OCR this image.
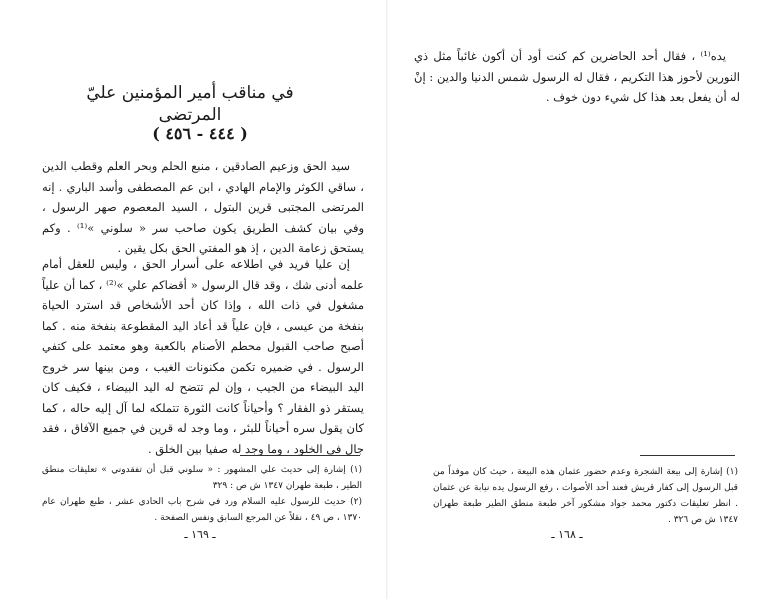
في مناقب أمير المؤمنين عليّ المرتضى
( ٤٤٤ - ٤٥٦ )

سيد الحق وزعيم الصادقين ، منبع الحلم وبحر العلم وقطب الدين ، ساقي الكوثر والإمام الهادي ، ابن عم المصطفى وأسد الباري . إنه المرتضى المجتبى قرين البتول ، السيد المعصوم صهر الرسول ، وفي بيان كشف الطريق يكون صاحب سر « سلوني »⁽¹⁾ . وكم يستحق زعامة الدين ، إذ هو المفتي الحق بكل يقين .

إن عليا فريد في اطلاعه على أسرار الحق ، وليس للعقل أمام علمه أدنى شك ، وقد قال الرسول « أقضاكم علي »⁽²⁾ ، كما أن علياً مشغول في ذات الله ، وإذا كان أحد الأشخاص قد استرد الحياة بنفخة من عيسى ، فإن علياً قد أعاد اليد المقطوعة بنفخة منه . كما أصبح صاحب القبول محطم الأصنام بالكعبة وهو معتمد على كتفي الرسول . في ضميره تكمن مكنونات الغيب ، ومن بينها سر خروج اليد البيضاء من الجيب ، وإن لم تتضح له اليد البيضاء ، فكيف كان يستقر ذو الفقار ؟ وأحياناً كانت الثورة تتملكه لما آل إليه حاله ، كما كان يقول سره أحياناً للبئر ، وما وجد له قرين في جميع الآفاق ، فقد جال في الخلود ، وما وجد له صفيا بين الخلق .

(١) إشارة إلى حديث علي المشهور : « سلوني قبل أن تفقدوني » تعليقات منطق الطير ، طبعة طهران ١٣٤٧ ش ص : ٣٢٩

(٢) حديث للرسول عليه السلام ورد في شرح باب الحادي عشر ، طبع طهران عام ١٣٧٠ ، ص ٤٩ ، نقلاً عن المرجع السابق ونفس الصفحة .

ـ ١٦٩ ـ

يده⁽¹⁾ ، فقال أحد الحاضرين كم كنت أود أن أكون غائباً مثل ذي النورين لأحوز هذا التكريم ، فقال له الرسول شمس الدنيا والدين : إنْ له أن يفعل بعد هذا كل شيء دون خوف .

(١) إشارة إلى بيعة الشجرة وعدم حضور عثمان هذه البيعة ، حيث كان موفداً من قبل الرسول إلى كفار قريش فعند أحد الأصوات ، رفع الرسول يده نيابة عن عثمان . انظر تعليقات دكتور محمد جواد مشكور آخر طبعة منطق الطير طبعة طهران ١٣٤٧ ش ص ٣٢٦ .

ـ ١٦٨ ـ
